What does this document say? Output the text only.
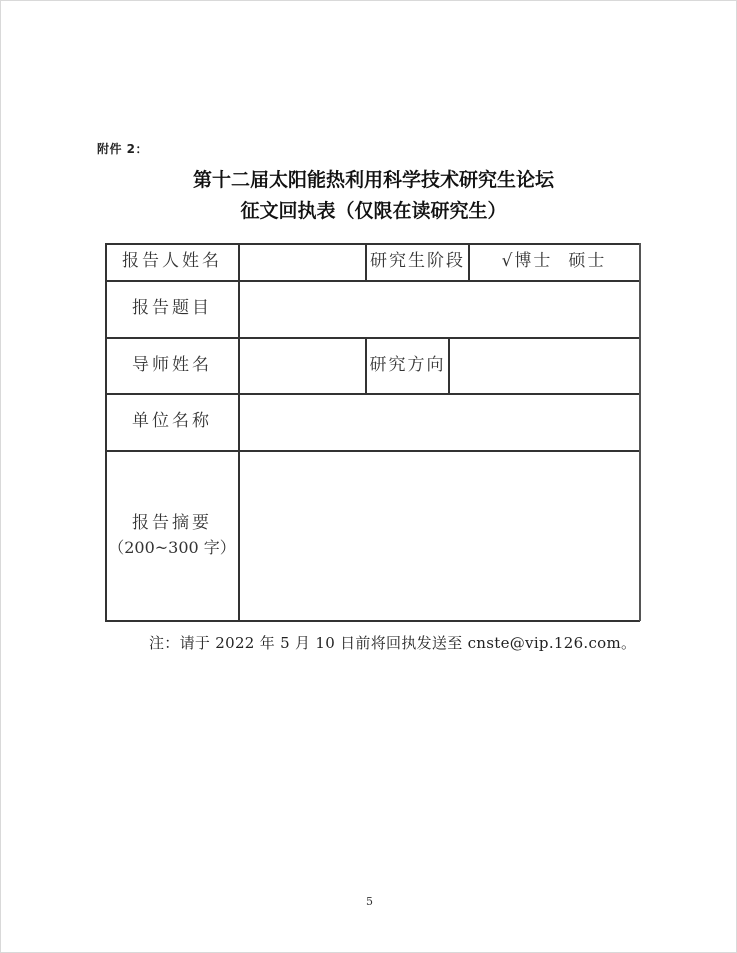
附件 2：
第十二届太阳能热利用科学技术研究生论坛
征文回执表（仅限在读研究生）
报告人姓名	研究生阶段 √博士 硕士
报告题目
导师姓名	研究方向
单位名称
报告摘要
（200~300 字）
注：请于 2022 年 5 月 10 日前将回执发送至 cnste@vip.126.com。
5
